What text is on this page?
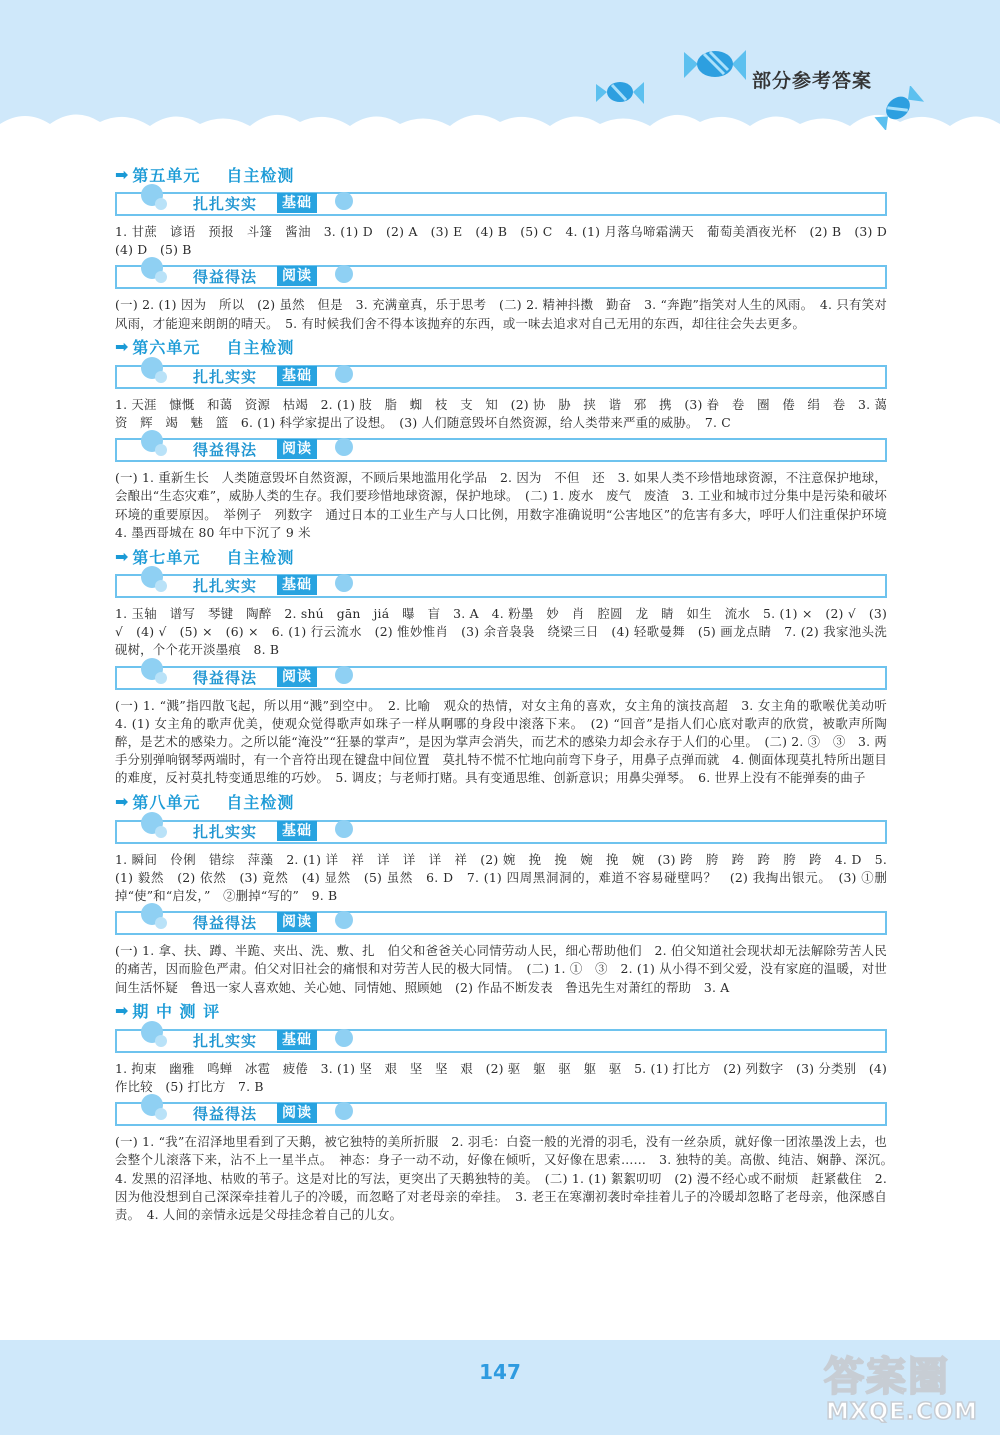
部分参考答案
➡ 第五单元 自主检测
扎扎实实	基础

1. 甘蔗　谚语　预报　斗篷　酱油　3. (1) D　(2) A　(3) E　(4) B　(5) C　4. (1) 月落乌啼霜满天　葡萄美酒夜光杯　(2) B　(3) D　(4) D　(5) B

得益得法	阅读

(一) 2. (1) 因为　所以　(2) 虽然　但是　3. 充满童真，乐于思考　(二) 2. 精神抖擞　勤奋　3. “奔跑”指笑对人生的风雨。　4. 只有笑对风雨，才能迎来朗朗的晴天。　5. 有时候我们舍不得本该抛弃的东西，或一味去追求对自己无用的东西，却往往会失去更多。

➡ 第六单元 自主检测
扎扎实实	基础

1. 天涯　慷慨　和蔼　资源　枯竭　2. (1) 肢　脂　蜘　枝　支　知　(2) 协　胁　挟　谐　邪　携　(3) 眷　卷　圈　倦　绢　卷　3. 蔼　资　辉　竭　魅　篮　6. (1) 科学家提出了设想。　(3) 人们随意毁坏自然资源，给人类带来严重的威胁。　7. C

得益得法	阅读

(一) 1. 重新生长　人类随意毁坏自然资源，不顾后果地滥用化学品　2. 因为　不但　还　3. 如果人类不珍惜地球资源，不注意保护地球，会酿出“生态灾难”，威胁人类的生存。我们要珍惜地球资源，保护地球。　(二) 1. 废水　废气　废渣　3. 工业和城市过分集中是污染和破坏环境的重要原因。　举例子　列数字　通过日本的工业生产与人口比例，用数字准确说明“公害地区”的危害有多大，呼吁人们注重保护环境　4. 墨西哥城在 80 年中下沉了 9 米

➡ 第七单元 自主检测
扎扎实实	基础

1. 玉轴　谱写　琴键　陶醉　2. shú　gān　jiá　曝　盲　3. A　4. 粉墨　妙　肖　腔圆　龙　睛　如生　流水　5. (1) ×　(2) √　(3) √　(4) √　(5) ×　(6) ×　6. (1) 行云流水　(2) 惟妙惟肖　(3) 余音袅袅　绕梁三日　(4) 轻歌曼舞　(5) 画龙点睛　7. (2) 我家池头洗砚树，个个花开淡墨痕　8. B

得益得法	阅读

(一) 1. “溅”指四散飞起，所以用“溅”到空中。　2. 比喻　观众的热情，对女主角的喜欢，女主角的演技高超　3. 女主角的歌喉优美动听　4. (1) 女主角的歌声优美，使观众觉得歌声如珠子一样从啊哪的身段中滚落下来。　(2) “回音”是指人们心底对歌声的欣赏，被歌声所陶醉，是艺术的感染力。之所以能“淹没”“狂暴的掌声”，是因为掌声会消失，而艺术的感染力却会永存于人们的心里。　(二) 2. ③　③　3. 两手分别弹响钢琴两端时，有一个音符出现在键盘中间位置　莫扎特不慌不忙地向前弯下身子，用鼻子点弹而就　4. 侧面体现莫扎特所出题目的难度，反衬莫扎特变通思维的巧妙。　5. 调皮；与老师打赌。具有变通思维、创新意识；用鼻尖弹琴。　6. 世界上没有不能弹奏的曲子

➡ 第八单元 自主检测
扎扎实实	基础

1. 瞬间　伶俐　错综　萍藻　2. (1) 详　祥　详　详　详　祥　(2) 婉　挽　挽　婉　挽　婉　(3) 跨　胯　跨　跨　胯　跨　4. D　5. (1) 毅然　(2) 依然　(3) 竟然　(4) 显然　(5) 虽然　6. D　7. (1) 四周黑洞洞的，难道不容易碰壁吗？　(2) 我掏出银元。　(3) ①删掉“使”和“启发，”　②删掉“写的”　9. B

得益得法	阅读

(一) 1. 拿、扶、蹲、半跪、夹出、洗、敷、扎　伯父和爸爸关心同情劳动人民，细心帮助他们　2. 伯父知道社会现状却无法解除劳苦人民的痛苦，因而脸色严肃。伯父对旧社会的痛恨和对劳苦人民的极大同情。　(二) 1. ①　③　2. (1) 从小得不到父爱，没有家庭的温暖，对世间生活怀疑　鲁迅一家人喜欢她、关心她、同情她、照顾她　(2) 作品不断发表　鲁迅先生对萧红的帮助　3. A

➡ 期 中 测 评
扎扎实实	基础

1. 拘束　幽雅　鸣蝉　冰雹　疲倦　3. (1) 坚　艰　坚　坚　艰　(2) 驱　躯　驱　躯　驱　5. (1) 打比方　(2) 列数字　(3) 分类别　(4) 作比较　(5) 打比方　7. B

得益得法	阅读

(一) 1. “我”在沼泽地里看到了天鹅，被它独特的美所折服　2. 羽毛：白瓷一般的光滑的羽毛，没有一丝杂质，就好像一团浓墨泼上去，也会整个儿滚落下来，沾不上一星半点。　神态：身子一动不动，好像在倾听，又好像在思索……　3. 独特的美。高傲、纯洁、娴静、深沉。　4. 发黑的沼泽地、枯败的苇子。这是对比的写法，更突出了天鹅独特的美。　(二) 1. (1) 絮絮叨叨　(2) 漫不经心或不耐烦　赶紧截住　2. 因为他没想到自己深深牵挂着儿子的冷暖，而忽略了对老母亲的牵挂。　3. 老王在寒潮初袭时牵挂着儿子的冷暖却忽略了老母亲，他深感自责。　4. 人间的亲情永远是父母挂念着自己的儿女。

147	答案圈
MXQE.COM
